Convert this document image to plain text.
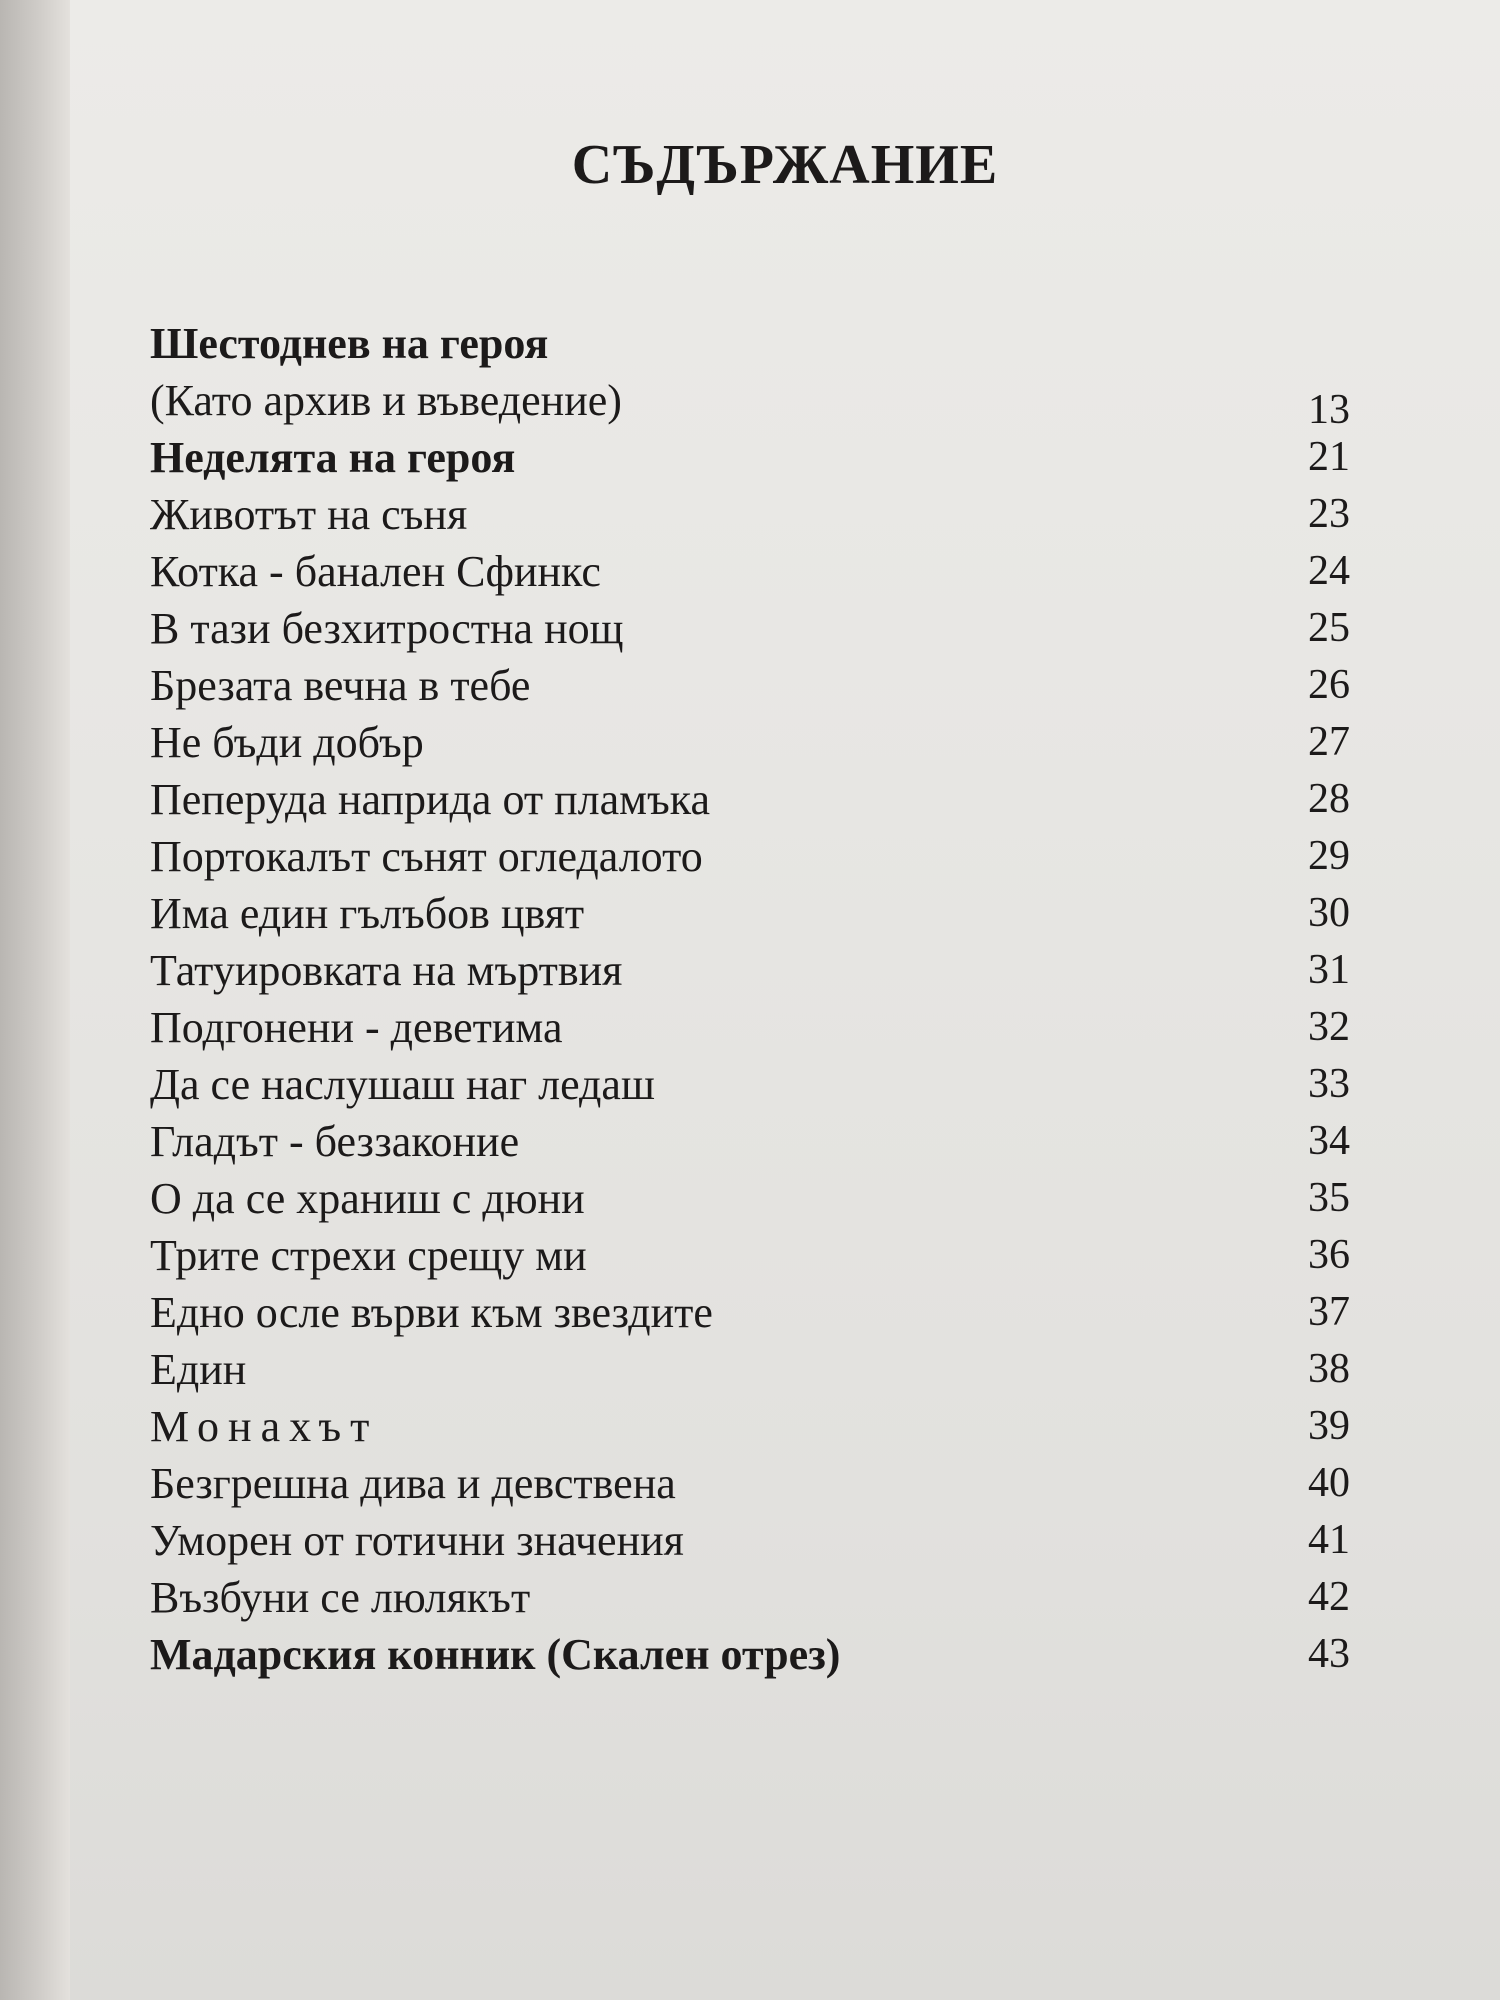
СЪДЪРЖАНИЕ
Шестоднев на героя
(Като архив и въведение)	13
Неделята на героя	21
Животът на съня	23
Котка - банален Сфинкс	24
В тази безхитростна нощ	25
Брезата вечна в тебе	26
Не бъди добър	27
Пеперуда наприда от пламъка	28
Портокалът сънят огледалото	29
Има един гълъбов цвят	30
Татуировката на мъртвия	31
Подгонени - деветима	32
Да се наслушаш наг ледаш	33
Гладът - беззаконие	34
О да се храниш с дюни	35
Трите стрехи срещу ми	36
Едно осле върви към звездите	37
Един	38
Монахът	39
Безгрешна дива и девствена	40
Уморен от готични значения	41
Възбуни се люлякът	42
Мадарския конник (Скален отрез)	43
